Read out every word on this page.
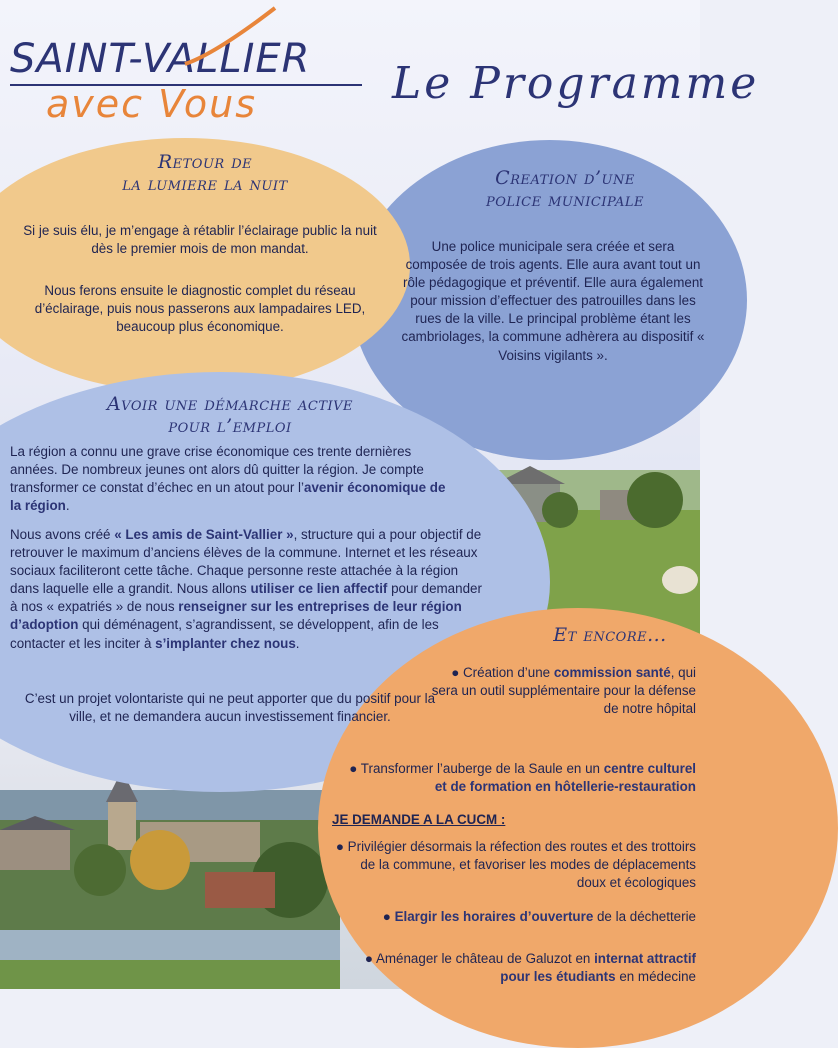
SAINT-VALLIER
avec Vous	Le Programme
Retour de
la lumiere la nuit

Si je suis élu, je m’engage à rétablir l’éclairage public la nuit dès le premier mois de mon mandat.

Nous ferons ensuite le diagnostic complet du réseau d’éclairage, puis nous passerons aux lampadaires LED, beaucoup plus économique.

Creation d’une
police municipale

Une police municipale sera créée et sera composée de trois agents. Elle aura avant tout un rôle pédagogique et préventif. Elle aura également pour mission d’effectuer des patrouilles dans les rues de la ville. Le principal problème étant les cambriolages, la commune adhèrera au dispositif « Voisins vigilants ».

Avoir une démarche active
pour l’emploi

La région a connu une grave crise économique ces trente dernières années. De nombreux jeunes ont alors dû quitter la région. Je compte transformer ce constat d’échec en un atout pour l’avenir économique de la région.

Nous avons créé « Les amis de Saint-Vallier », structure qui a pour objectif de retrouver le maximum d’anciens élèves de la commune. Internet et les réseaux sociaux faciliteront cette tâche. Chaque personne reste attachée à la région dans laquelle elle a grandit. Nous allons utiliser ce lien affectif pour demander à nos « expatriés » de nous renseigner sur les entreprises de leur région d’adoption qui déménagent, s’agrandissent, se développent, afin de les contacter et les inciter à s’implanter chez nous.

C’est un projet volontariste qui ne peut apporter que du positif pour la ville, et ne demandera aucun investissement financier.

Et encore...

● Création d’une commission santé, qui sera un outil supplémentaire pour la défense de notre hôpital

● Transformer l’auberge de la Saule en un centre culturel et de formation en hôtellerie-restauration

JE DEMANDE A LA CUCM :

● Privilégier désormais la réfection des routes et des trottoirs de la commune, et favoriser les modes de déplacements doux et écologiques

● Elargir les horaires d’ouverture de la déchetterie

● Aménager le château de Galuzot en internat attractif pour les étudiants en médecine
